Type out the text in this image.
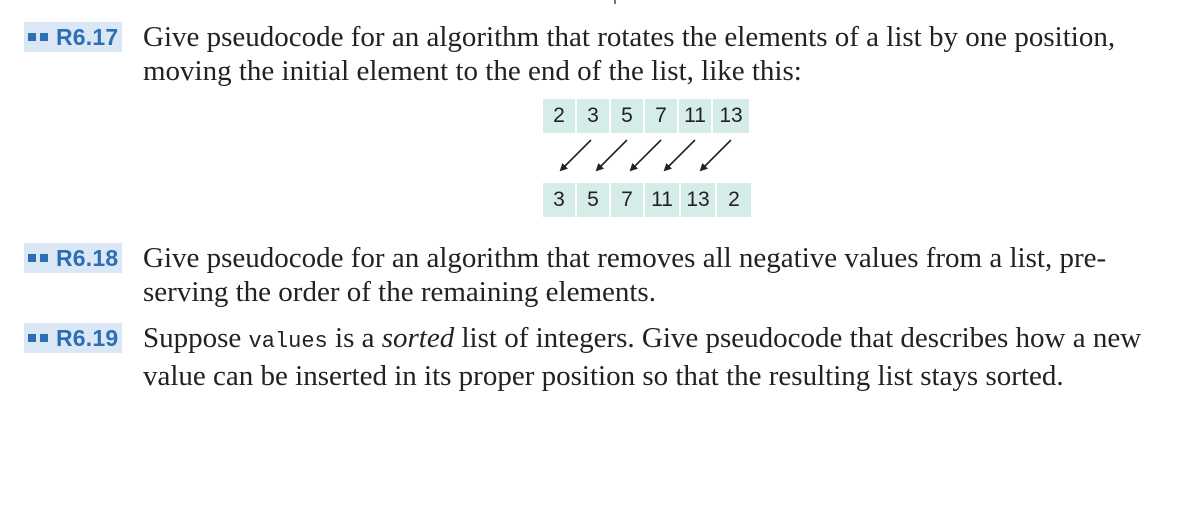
R6.17 Give pseudocode for an algorithm that rotates the elements of a list by one position,
moving the initial element to the end of the list, like this:
2	3	5	7 11 13
3	5	7 11 13 2
R6.18 Give pseudocode for an algorithm that removes all negative values from a list, pre-
serving the order of the remaining elements.
R6.19 Suppose values is a sorted list of integers. Give pseudocode that describes how a new
value can be inserted in its proper position so that the resulting list stays sorted.
